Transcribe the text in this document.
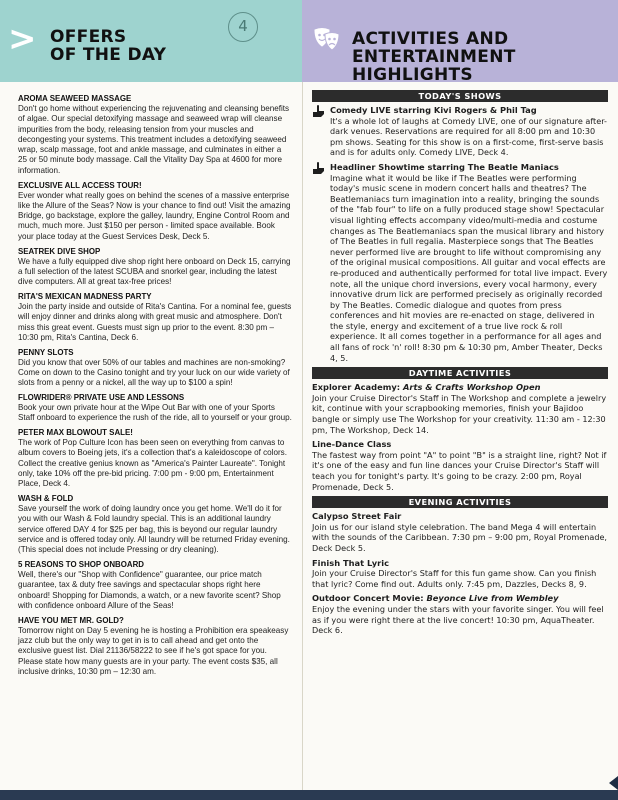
> OFFERS
OF THE DAY
4
ACTIVITIES AND
ENTERTAINMENT HIGHLIGHTS
AROMA SEAWEED MASSAGE
Don't go home without experiencing the rejuvenating and cleansing benefits of algae. Our special detoxifying massage and seaweed wrap will cleanse impurities from the body, releasing tension from your muscles and decongesting your systems. This treatment includes a detoxifying seaweed wrap, scalp massage, foot and ankle massage, and culminates in either a 25 or 50 minute body massage. Call the Vitality Day Spa at 4600 for more information.
EXCLUSIVE ALL ACCESS TOUR!
Ever wonder what really goes on behind the scenes of a massive enterprise like the Allure of the Seas? Now is your chance to find out! Visit the amazing Bridge, go backstage, explore the galley, laundry, Engine Control Room and much, much more. Just $150 per person - limited space available. Book your place today at the Guest Services Desk, Deck 5.
SEATREK DIVE SHOP
We have a fully equipped dive shop right here onboard on Deck 15, carrying a full selection of the latest SCUBA and snorkel gear, including the latest dive computers. All at great tax-free prices!
RITA'S MEXICAN MADNESS PARTY
Join the party inside and outside of Rita's Cantina. For a nominal fee, guests will enjoy dinner and drinks along with great music and atmosphere. Don't miss this great event. Guests must sign up prior to the event. 8:30 pm – 10:30 pm, Rita's Cantina, Deck 6.
PENNY SLOTS
Did you know that over 50% of our tables and machines are non-smoking? Come on down to the Casino tonight and try your luck on our wide variety of slots from a penny or a nickel, all the way up to $100 a spin!
FLOWRIDER® PRIVATE USE AND LESSONS
Book your own private hour at the Wipe Out Bar with one of your Sports Staff onboard to experience the rush of the ride, all to yourself or your group.
PETER MAX BLOWOUT SALE!
The work of Pop Culture Icon has been seen on everything from canvas to album covers to Boeing jets, it's a collection that's a kaleidoscope of colors. Collect the creative genius known as "America's Painter Laureate". Tonight only, take 10% off the pre-bid pricing. 7:00 pm - 9:00 pm, Entertainment Place, Deck 4.
WASH & FOLD
Save yourself the work of doing laundry once you get home. We'll do it for you with our Wash & Fold laundry special. This is an additional laundry service offered DAY 4 for $25 per bag, this is beyond our regular laundry service and is offered today only. All laundry will be returned Friday evening. (This special does not include Pressing or dry cleaning).
5 REASONS TO SHOP ONBOARD
Well, there's our "Shop with Confidence" guarantee, our price match guarantee, tax & duty free savings and spectacular shops right here onboard! Shopping for Diamonds, a watch, or a new favorite scent? Shop with confidence onboard Allure of the Seas!
HAVE YOU MET MR. GOLD?
Tomorrow night on Day 5 evening he is hosting a Prohibition era speakeasy jazz club but the only way to get in is to call ahead and get onto the exclusive guest list. Dial 21136/58222 to see if he's got space for you. Please state how many guests are in your party. The event costs $35, all inclusive drinks, 10:30 pm – 12:30 am.
TODAY'S SHOWS
Comedy LIVE starring Kivi Rogers & Phil Tag
It's a whole lot of laughs at Comedy LIVE, one of our signature after-dark venues. Reservations are required for all 8:00 pm and 10:30 pm shows. Seating for this show is on a first-come, first-serve basis and is for adults only. Comedy LIVE, Deck 4.
Headliner Showtime starring The Beatle Maniacs
Imagine what it would be like if The Beatles were performing today's music scene in modern concert halls and theatres? The Beatlemaniacs turn imagination into a reality, bringing the sounds of the "fab four" to life on a fully produced stage show! Spectacular visual lighting effects accompany video/multi-media and costume changes as The Beatlemaniacs span the musical library and history of The Beatles in full regalia. Masterpiece songs that The Beatles never performed live are brought to life without compromising any of the original musical compositions. All guitar and vocal effects are re-produced and authentically performed for total live impact. Every note, all the unique chord inversions, every vocal harmony, every innovative drum lick are performed precisely as originally recorded by The Beatles. Comedic dialogue and quotes from press conferences and hit movies are re-enacted on stage, delivered in the style, energy and excitement of a true live rock & roll experience. It all comes together in a performance for all ages and all fans of rock 'n' roll! 8:30 pm & 10:30 pm, Amber Theater, Decks 4, 5.
DAYTIME ACTIVITIES
Explorer Academy: Arts & Crafts Workshop Open
Join your Cruise Director's Staff in The Workshop and complete a jewelry kit, continue with your scrapbooking memories, finish your Bajidoo bangle or simply use The Workshop for your creativity. 11:30 am - 12:30 pm, The Workshop, Deck 14.
Line-Dance Class
The fastest way from point "A" to point "B" is a straight line, right? Not if it's one of the easy and fun line dances your Cruise Director's Staff will teach you for tonight's party. It's going to be crazy. 2:00 pm, Royal Promenade, Deck 5.
EVENING ACTIVITIES
Calypso Street Fair
Join us for our island style celebration. The band Mega 4 will entertain with the sounds of the Caribbean. 7:30 pm – 9:00 pm, Royal Promenade, Deck Deck 5.
Finish That Lyric
Join your Cruise Director's Staff for this fun game show. Can you finish that lyric? Come find out. Adults only. 7:45 pm, Dazzles, Decks 8, 9.
Outdoor Concert Movie: Beyonce Live from Wembley
Enjoy the evening under the stars with your favorite singer. You will feel as if you were right there at the live concert! 10:30 pm, AquaTheater. Deck 6.
